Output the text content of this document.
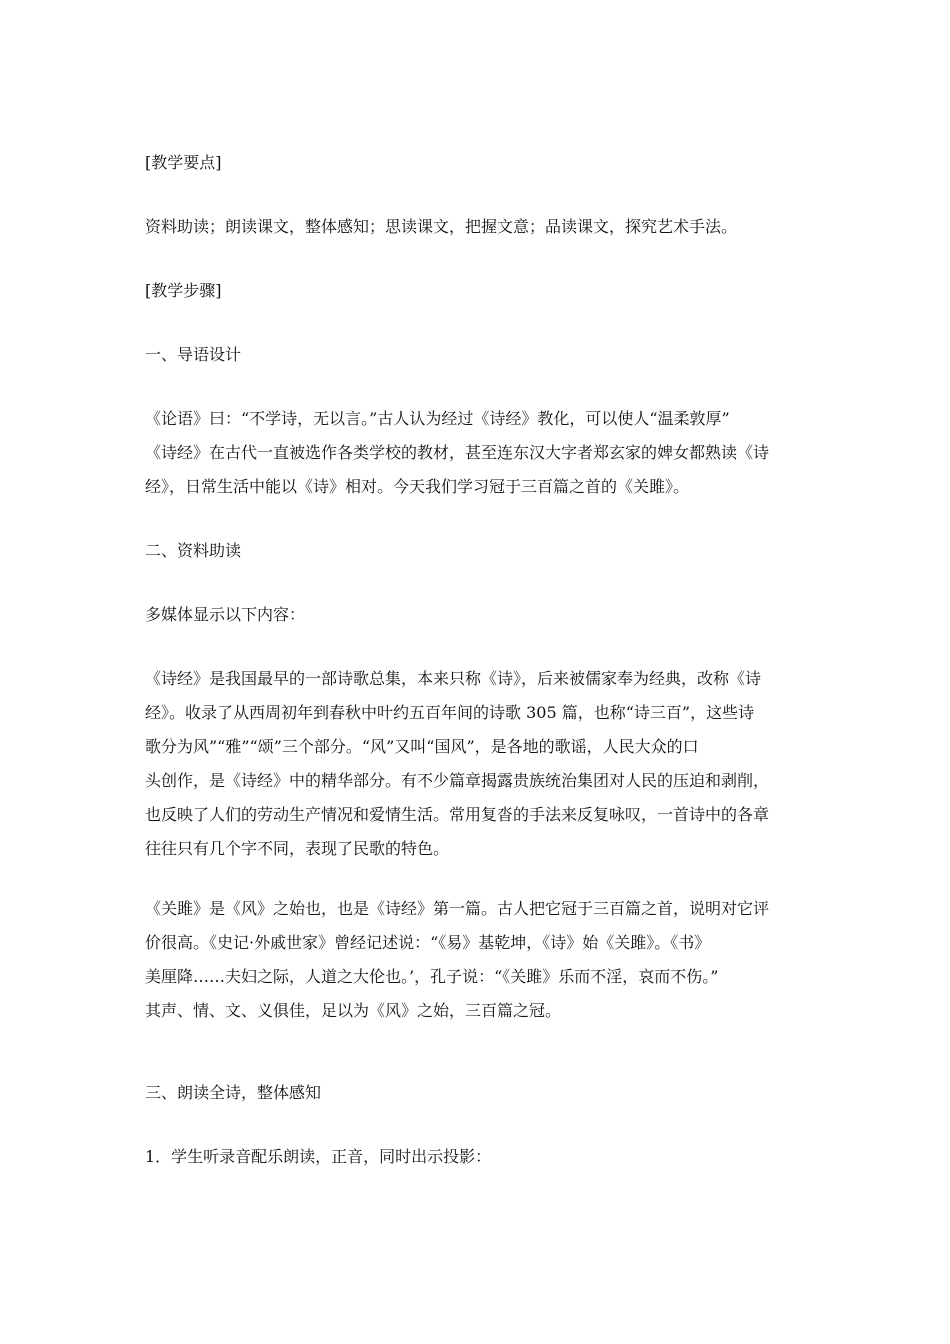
[教学要点]

资料助读；朗读课文，整体感知；思读课文，把握文意；品读课文，探究艺术手法。

[教学步骤]

一、导语设计

《论语》曰：“不学诗，无以言。”古人认为经过《诗经》教化，可以使人“温柔敦厚”

《诗经》在古代一直被选作各类学校的教材，甚至连东汉大字者郑玄家的婢女都熟读《诗

经》，日常生活中能以《诗》相对。今天我们学习冠于三百篇之首的《关雎》。

二、资料助读

多媒体显示以下内容：

《诗经》是我国最早的一部诗歌总集，本来只称《诗》，后来被儒家奉为经典，改称《诗

经》。收录了从西周初年到春秋中叶约五百年间的诗歌 305 篇，也称“诗三百”，这些诗

歌分为风”“雅”“颂”三个部分。“风”又叫“国风”，是各地的歌谣，人民大众的口

头创作，是《诗经》中的精华部分。有不少篇章揭露贵族统治集团对人民的压迫和剥削，

也反映了人们的劳动生产情况和爱情生活。常用复沓的手法来反复咏叹，一首诗中的各章

往往只有几个字不同，表现了民歌的特色。

《关雎》是《风》之始也，也是《诗经》第一篇。古人把它冠于三百篇之首，说明对它评

价很高。《史记·外戚世家》曾经记述说：“《易》基乾坤，《诗》始《关雎》。《书》

美厘降……夫妇之际，人道之大伦也。’，孔子说：“《关雎》乐而不淫，哀而不伤。”

其声、情、文、义俱佳，足以为《风》之始，三百篇之冠。

三、朗读全诗，整体感知

1．学生听录音配乐朗读，正音，同时出示投影：
